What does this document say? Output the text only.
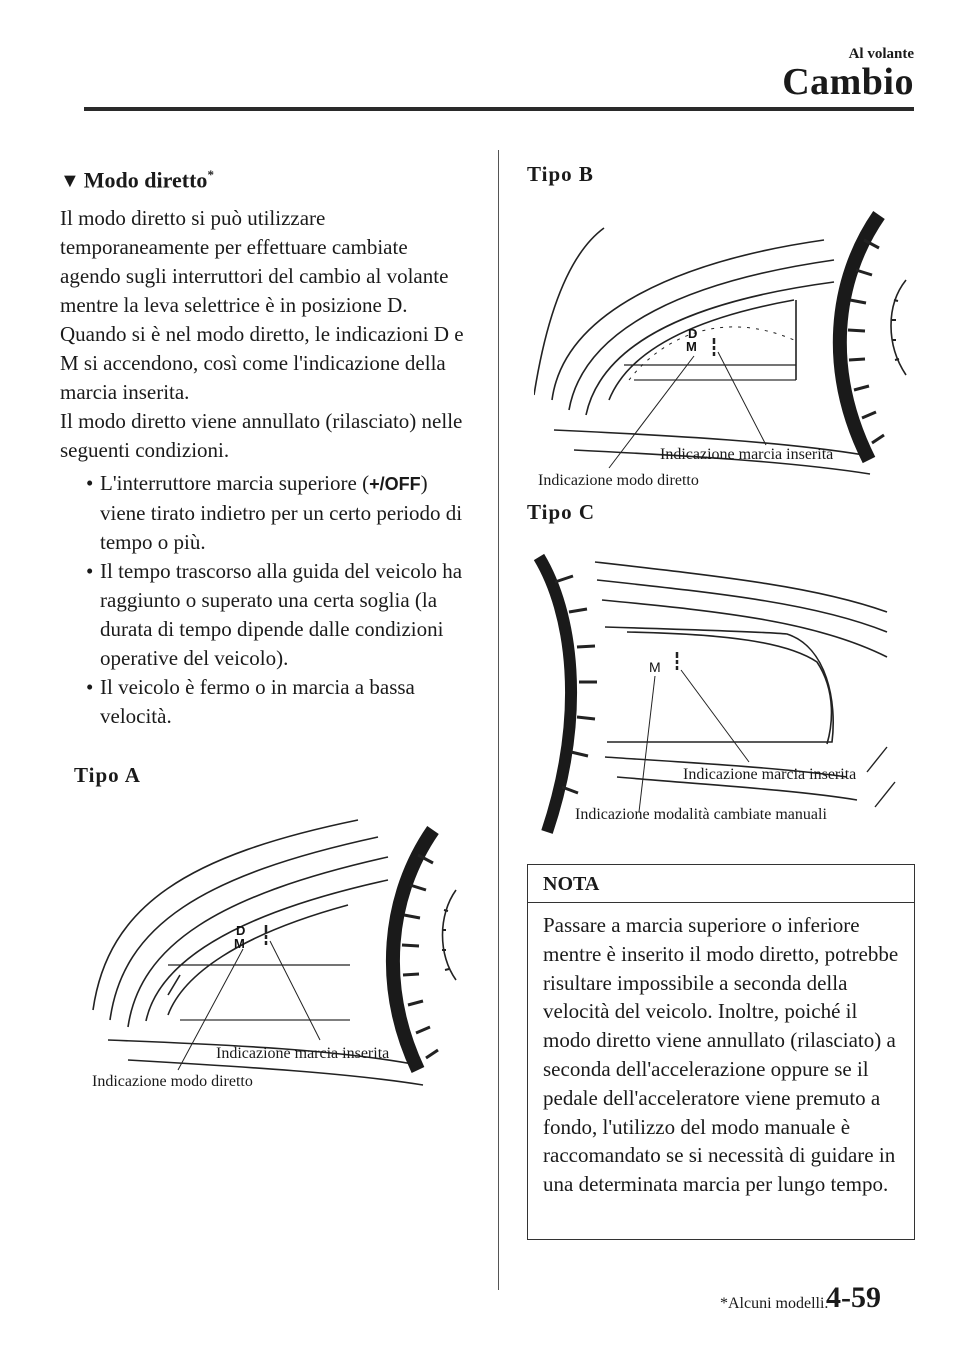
Al volante
Cambio
▼ Modo diretto*

Il modo diretto si può utilizzare temporaneamente per effettuare cambiate agendo sugli interruttori del cambio al volante mentre la leva selettrice è in posizione D.

Quando si è nel modo diretto, le indicazioni D e M si accendono, così come l'indicazione della marcia inserita.

Il modo diretto viene annullato (rilasciato) nelle seguenti condizioni.

• L'interruttore marcia superiore (+/OFF) viene tirato indietro per un certo periodo di tempo o più.
• Il tempo trascorso alla guida del veicolo ha raggiunto o superato una certa soglia (la durata di tempo dipende dalle condizioni operative del veicolo).
• Il veicolo è fermo o in marcia a bassa velocità.
Tipo A
Tipo B
Tipo C
D
M
Indicazione marcia inserita
Indicazione modo diretto
D
M
Indicazione marcia inserita
Indicazione modo diretto
M
Indicazione marcia inserita
Indicazione modalità cambiate manuali
NOTA
Passare a marcia superiore o inferiore mentre è inserito il modo diretto, potrebbe risultare impossibile a seconda della velocità del veicolo. Inoltre, poiché il modo diretto viene annullato (rilasciato) a seconda dell'accelerazione oppure se il pedale dell'acceleratore viene premuto a fondo, l'utilizzo del modo manuale è raccomandato se si necessità di guidare in una determinata marcia per lungo tempo.
*Alcuni modelli.
4-59
